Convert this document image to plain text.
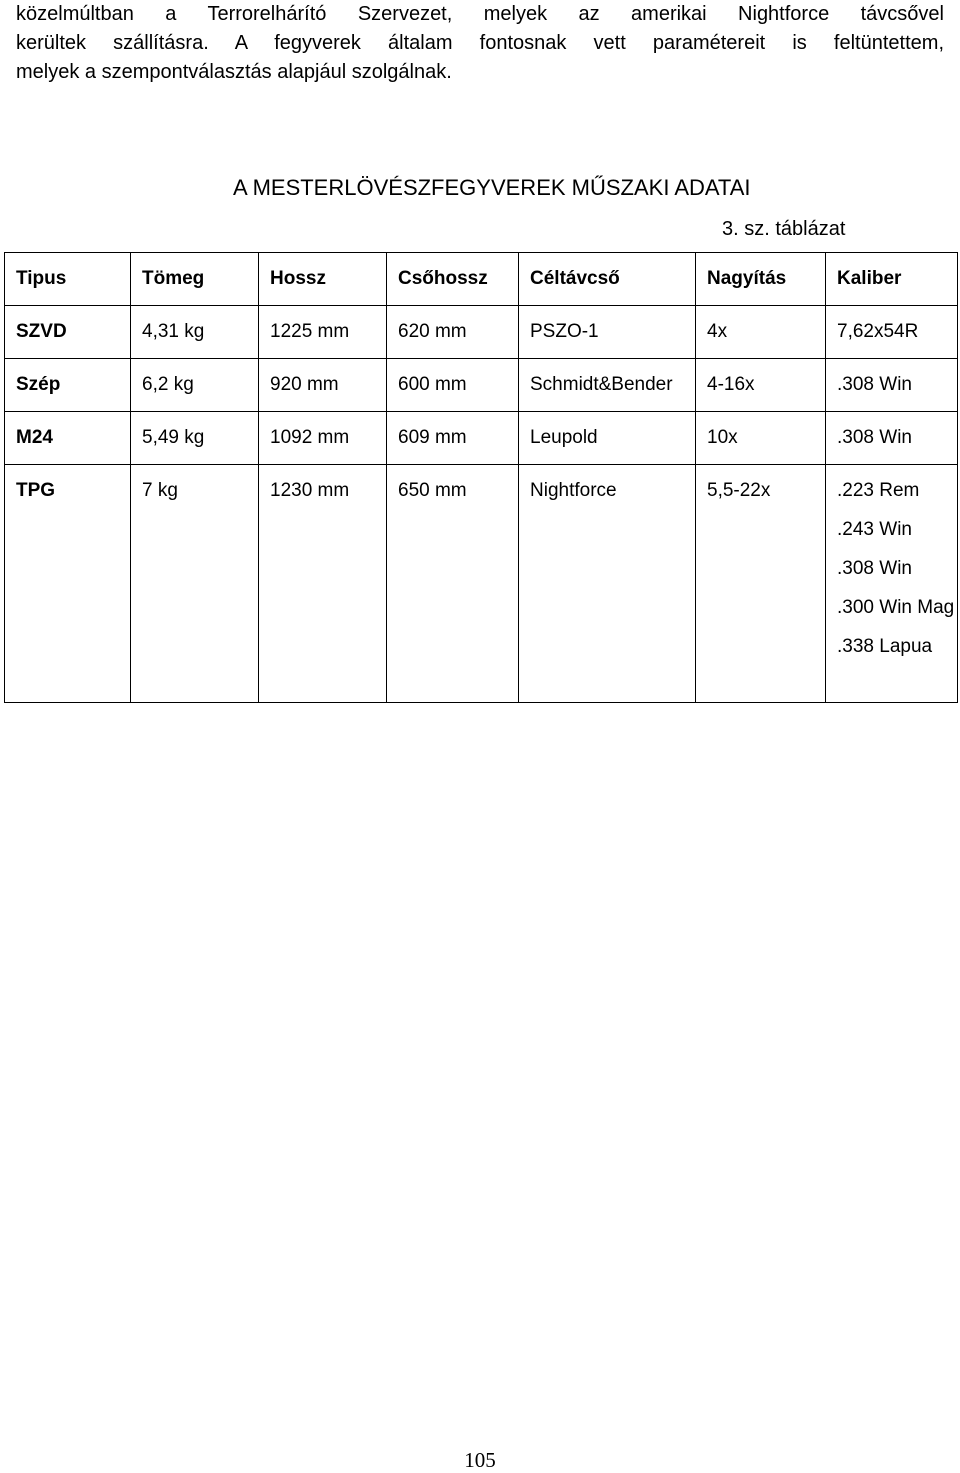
közelmúltban a Terrorelhárító Szervezet, melyek az amerikai Nightforce távcsővel
kerültek szállításra. A fegyverek általam fontosnak vett paramétereit is feltüntettem,
melyek a szempontválasztás alapjául szolgálnak.
A MESTERLÖVÉSZFEGYVEREK MŰSZAKI ADATAI
3. sz. táblázat
Tipus	Tömeg	Hossz	Csőhossz	Céltávcső	Nagyítás	Kaliber
SZVD	4,31 kg	1225 mm	620 mm	PSZO-1	4x	7,62x54R

Szép	6,2 kg	920 mm	600 mm	Schmidt&Bender	4-16x	.308 Win

M24	5,49 kg	1092 mm	609 mm	Leupold	10x	.308 Win

TPG	7 kg	1230 mm	650 mm	Nightforce	5,5-22x	.223 Rem
.243 Win
.308 Win
.300 Win Mag
.338 Lapua
105
